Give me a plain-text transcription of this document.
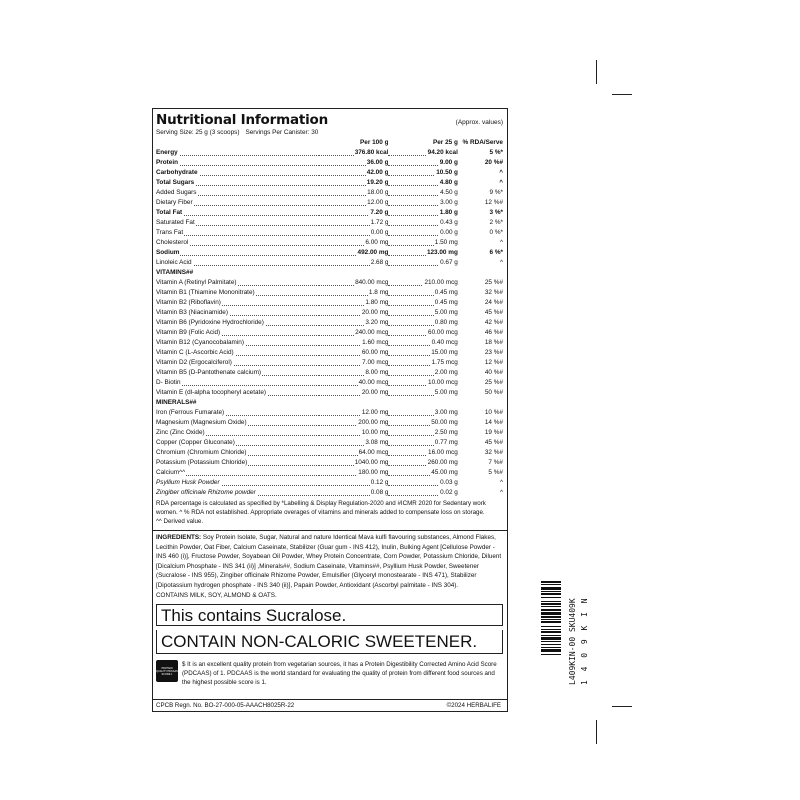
Nutritional Information	(Approx. values)
Serving Size: 25 g (3 scoops) Servings Per Canister: 30
	Per 100 g	Per 25 g	% RDA/Serve
Energy	376.80 kcal	94.20 kcal	5 %*
Protein	36.00 g	9.00 g	20 %#
Carbohydrate	42.00 g	10.50 g	^
Total Sugars	19.20 g	4.80 g	^
Added Sugars	18.00 g	4.50 g	9 %*
Dietary Fiber	12.00 g	3.00 g	12 %#
Total Fat	7.20 g	1.80 g	3 %*
Saturated Fat	1.72 g	0.43 g	2 %*
Trans Fat	0.00 g	0.00 g	0 %*
Cholesterol	6.00 mg	1.50 mg	^
Sodium	492.00 mg	123.00 mg	6 %*
Linoleic Acid	2.68 g	0.67 g	^
VITAMINS##			
Vitamin A (Retinyl Palmitate)	840.00 mcg	210.00 mcg	25 %#
Vitamin B1 (Thiamine Mononitrate)	1.8 mg	0.45 mg	32 %#
Vitamin B2 (Riboflavin)	1.80 mg	0.45 mg	24 %#
Vitamin B3 (Niacinamide)	20.00 mg	5.00 mg	45 %#
Vitamin B6 (Pyridoxine Hydrochloride)	3.20 mg	0.80 mg	42 %#
Vitamin B9 (Folic Acid)	240.00 mcg	60.00 mcg	46 %#
Vitamin B12 (Cyanocobalamin)	1.60 mcg	0.40 mcg	18 %#
Vitamin C (L-Ascorbic Acid)	60.00 mg	15.00 mg	23 %#
Vitamin D2 (Ergocalciferol)	7.00 mcg	1.75 mcg	12 %#
Vitamin B5 (D-Pantothenate calcium)	8.00 mg	2.00 mg	40 %#
D- Biotin	40.00 mcg	10.00 mcg	25 %#
Vitamin E (dl-alpha tocopheryl acetate)	20.00 mg	5.00 mg	50 %#
MINERALS##			
Iron (Ferrous Fumarate)	12.00 mg	3.00 mg	10 %#
Magnesium (Magnesium Oxide)	200.00 mg	50.00 mg	14 %#
Zinc (Zinc Oxide)	10.00 mg	2.50 mg	19 %#
Copper (Copper Gluconate)	3.08 mg	0.77 mg	45 %#
Chromium (Chromium Chloride)	64.00 mcg	16.00 mcg	32 %#
Potassium (Potassium Chloride)	1040.00 mg	260.00 mg	7 %#
Calcium^^	180.00 mg	45.00 mg	5 %#
Psyllium Husk Powder	0.12 g	0.03 g	^
Zingiber officinale Rhizome powder	0.08 g	0.02 g	^
RDA percentage is calculated as specified by *Labelling & Display Regulation-2020 and #ICMR 2020 for Sedentary work women. ^ % RDA not established. Appropriate overages of vitamins and minerals added to compensate loss on storage.
^^ Derived value.
INGREDIENTS: Soy Protein Isolate, Sugar, Natural and nature Identical Mava kulfi flavouring substances, Almond Flakes, Lecithin Powder, Oat Fiber, Calcium Caseinate, Stabilizer (Guar gum - INS 412), Inulin, Bulking Agent [Cellulose Powder - INS 460 (i)], Fructose Powder, Soyabean Oil Powder, Whey Protein Concentrate, Corn Powder, Potassium Chloride, Diluent [Dicalcium Phosphate - INS 341 (ii)] ,Minerals##, Sodium Caseinate, Vitamins##, Psyllium Husk Powder, Sweetener (Sucralose - INS 955), Zingiber officinale Rhizome Powder, Emulsifier (Glyceryl monostearate - INS 471), Stabilizer [Dipotassium hydrogen phosphate - INS 340 (ii)], Papain Powder, Antioxidant (Ascorbyl palmitate - INS 304).
CONTAINS MILK, SOY, ALMOND & OATS.
This contains Sucralose.
CONTAIN NON-CALORIC SWEETENER.
PROTEIN QUALITY PDCAAS SCORE 1
$ It is an excellent quality protein from vegetarian sources, it has a Protein Digestibility Corrected Amino Acid Score (PDCAAS) of 1. PDCAAS is the world standard for evaluating the quality of protein from different food sources and the highest possible score is 1.
CPCB Regn. No. BO-27-000-05-AAACH8025R-22	©2024 HERBALIFE
L409KIN-00 SKU409K 1 4 0 9 K I N
